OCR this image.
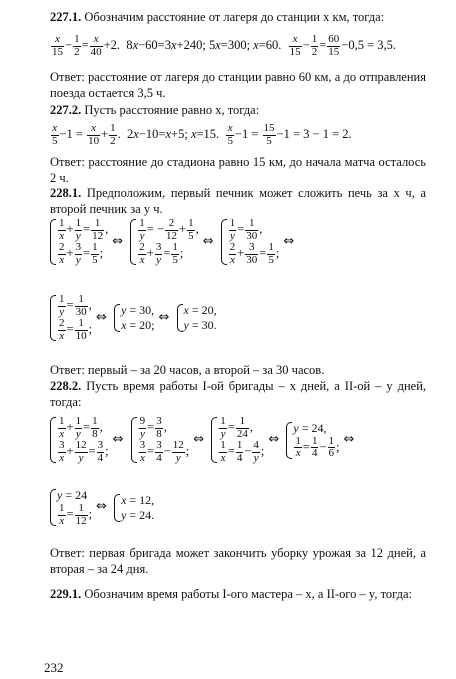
227.1. Обозначим расстояние от лагеря до станции x км, тогда:
$\frac{x}{15} - \frac{1}{2} = \frac{x}{40} +2$.  8x−60=3x+240; 5x=300; x=60. $\frac{x}{15} - \frac{1}{2} = \frac{60}{15} -0,5 = 3,5$.
Ответ: расстояние от лагеря до станции равно 60 км, а до отправления поезда остается 3,5 ч.
227.2. Пусть расстояние равно x, тогда:
$\frac{x}{5} -1 = \frac{x}{10} + \frac{1}{2}$ .  2x−10=x+5; x=15. $\frac{x}{5} -1 = \frac{15}{5} -1 = 3 - 1 = 2$.
Ответ: расстояние до стадиона равно 15 км, до начала матча осталось 2 ч.
228.1. Предположим, первый печник может сложить печь за x ч, а второй печник за y ч.
$\frac{1}{x} + \frac{1}{y} = \frac{1}{12}$ ,
$\frac{2}{x} + \frac{3}{y} = \frac{1}{5}$ ;
⇔ $\frac{1}{y}$ = − $\frac{2}{12} + \frac{1}{5}$ ,
$\frac{2}{x} + \frac{3}{y} = \frac{1}{5}$ ;
⇔ $\frac{1}{y} = \frac{1}{30}$ ,
$\frac{2}{x} + \frac{3}{30} = \frac{1}{5}$ ;
⇔
$\frac{1}{y} = \frac{1}{30}$ ,
$\frac{2}{x} = \frac{1}{10}$ ;
⇔ y = 30,
x = 20;
⇔ x = 20,
y = 30.
Ответ: первый – за 20 часов, а второй – за 30 часов.
228.2. Пусть время работы I-ой бригады – x дней, а II-ой – y дней, тогда:
$\frac{1}{x} + \frac{1}{y} = \frac{1}{8}$ ,
$\frac{3}{x} + \frac{12}{y} = \frac{3}{4}$ ;
⇔ $\frac{9}{y} = \frac{3}{8}$ ,
$\frac{3}{x} = \frac{3}{4} - \frac{12}{y}$ ;
⇔ $\frac{1}{y} = \frac{1}{24}$ ,
$\frac{1}{x} = \frac{1}{4} - \frac{4}{y}$ ;
⇔
y = 24,
$\frac{1}{x} = \frac{1}{4} - \frac{1}{6}$ ; ⇔
y = 24
$\frac{1}{x} = \frac{1}{12}$ ; ⇔ x = 12,
y = 24.
Ответ: первая бригада может закончить уборку урожая за 12 дней, а вторая – за 24 дня.
229.1. Обозначим время работы I-ого мастера – x, а II-ого – y, тогда:
232
